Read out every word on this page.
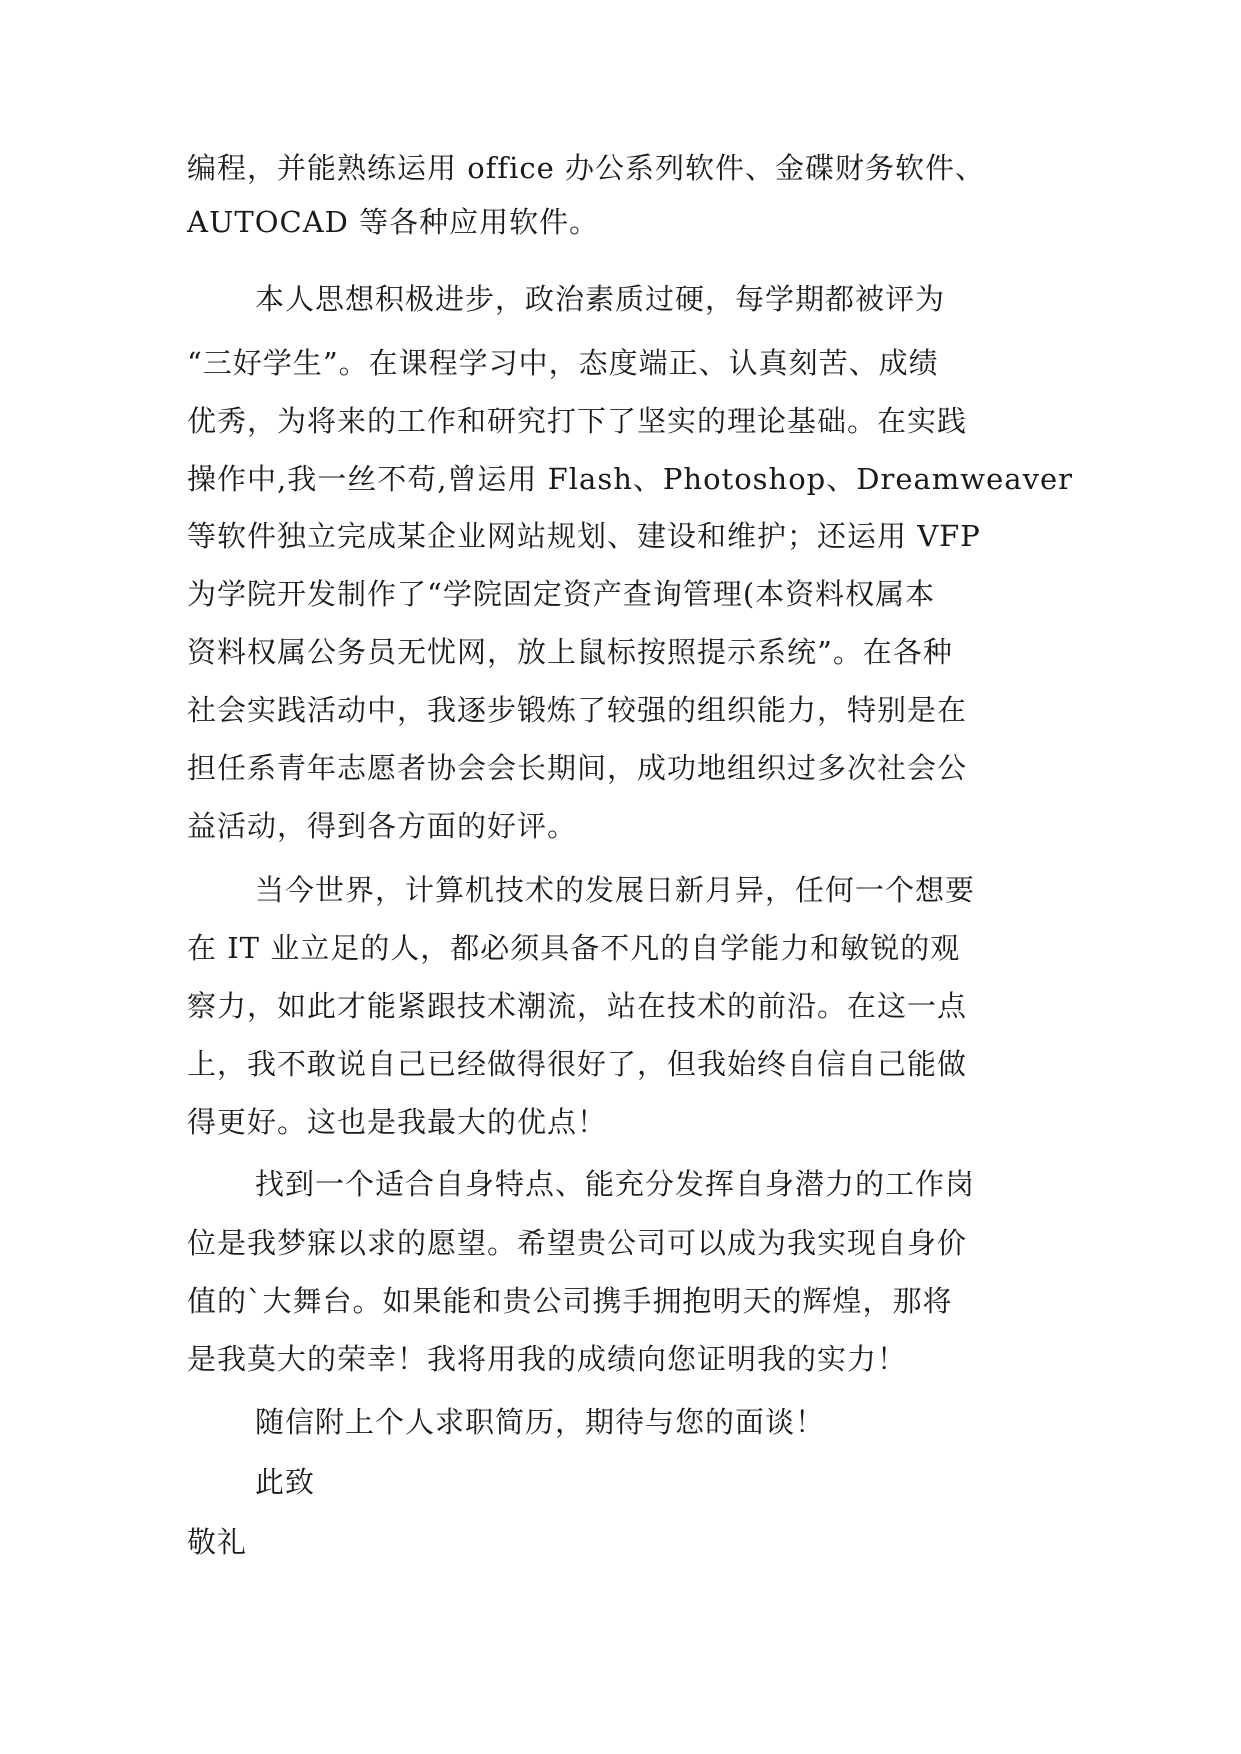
编程，并能熟练运用 office 办公系列软件、金碟财务软件、
AUTOCAD 等各种应用软件。
本人思想积极进步，政治素质过硬，每学期都被评为
“三好学生”。在课程学习中，态度端正、认真刻苦、成绩
优秀，为将来的工作和研究打下了坚实的理论基础。在实践
操作中,我一丝不苟,曾运用 Flash、Photoshop、Dreamweaver
等软件独立完成某企业网站规划、建设和维护；还运用 VFP
为学院开发制作了“学院固定资产查询管理(本资料权属本
资料权属公务员无忧网，放上鼠标按照提示系统”。在各种
社会实践活动中，我逐步锻炼了较强的组织能力，特别是在
担任系青年志愿者协会会长期间，成功地组织过多次社会公
益活动，得到各方面的好评。
当今世界，计算机技术的发展日新月异，任何一个想要
在 IT 业立足的人，都必须具备不凡的自学能力和敏锐的观
察力，如此才能紧跟技术潮流，站在技术的前沿。在这一点
上，我不敢说自己已经做得很好了，但我始终自信自己能做
得更好。这也是我最大的优点！
找到一个适合自身特点、能充分发挥自身潜力的工作岗
位是我梦寐以求的愿望。希望贵公司可以成为我实现自身价
值的`大舞台。如果能和贵公司携手拥抱明天的辉煌，那将
是我莫大的荣幸！我将用我的成绩向您证明我的实力！
随信附上个人求职简历，期待与您的面谈！
此致
敬礼
